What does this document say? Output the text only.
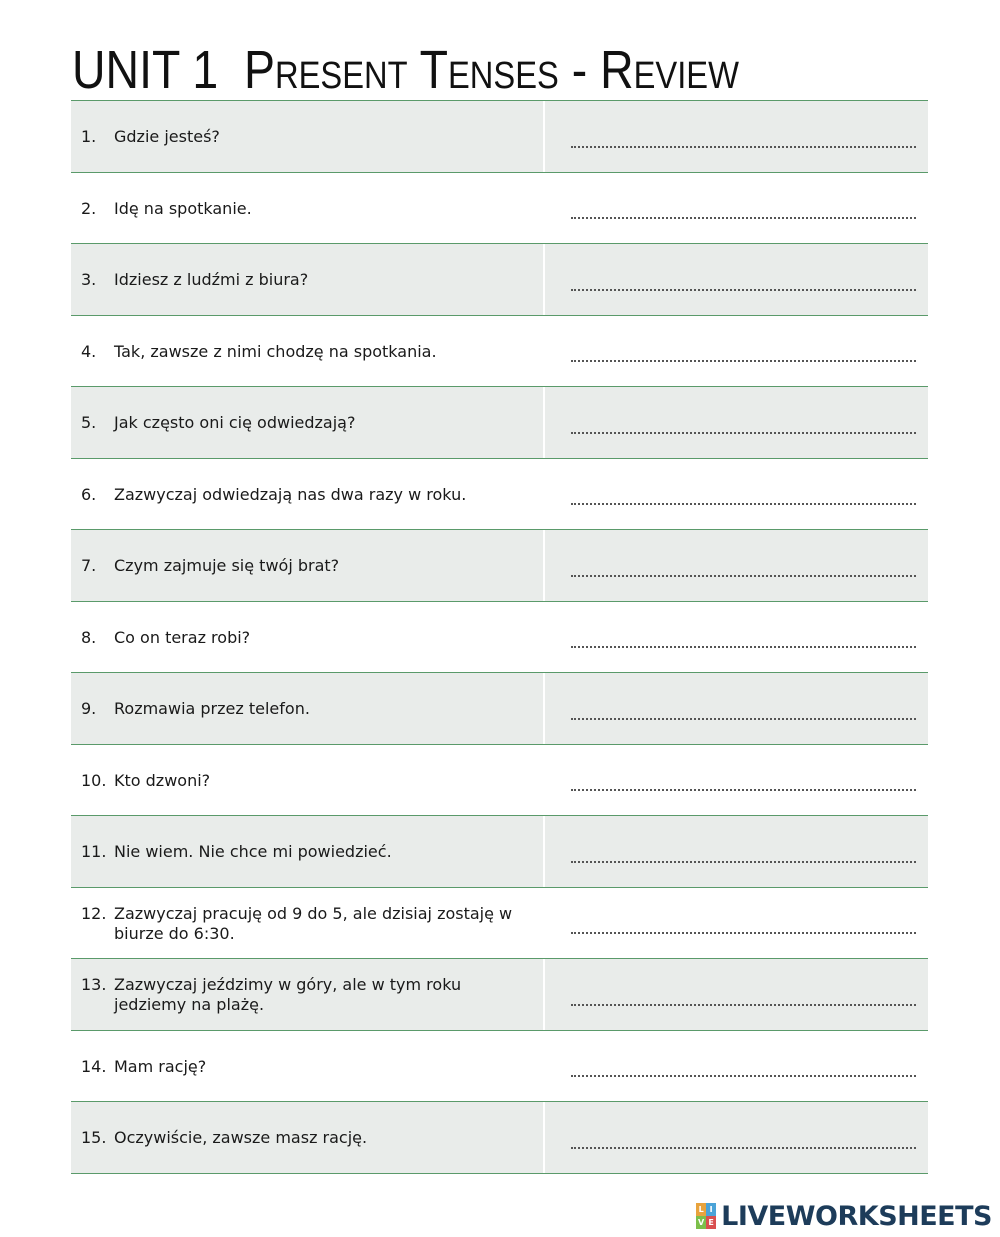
UNIT 1 Present Tenses - Review
1. Gdzie jesteś?
2. Idę na spotkanie.
3. Idziesz z ludźmi z biura?
4. Tak, zawsze z nimi chodzę na spotkania.
5. Jak często oni cię odwiedzają?
6. Zazwyczaj odwiedzają nas dwa razy w roku.
7. Czym zajmuje się twój brat?
8. Co on teraz robi?
9. Rozmawia przez telefon.
10. Kto dzwoni?
11. Nie wiem. Nie chce mi powiedzieć.
12. Zazwyczaj pracuję od 9 do 5, ale dzisiaj zostaję w biurze do 6:30.
13. Zazwyczaj jeździmy w góry, ale w tym roku jedziemy na plażę.
14. Mam rację?
15. Oczywiście, zawsze masz rację.
L I
V E LIVEWORKSHEETS
